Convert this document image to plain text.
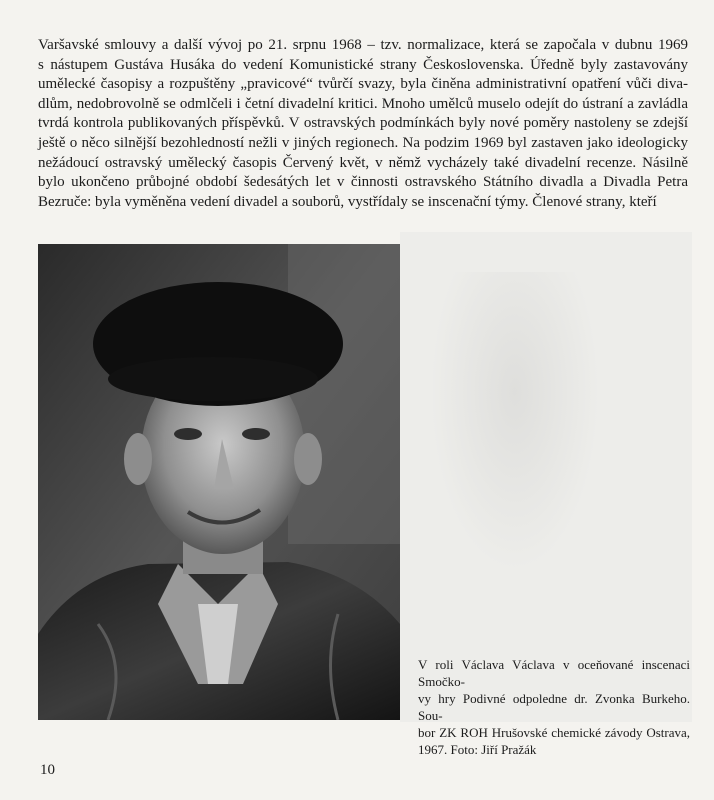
Varšavské smlouvy a další vývoj po 21. srpnu 1968 – tzv. normalizace, která se započala v dubnu 1969
s nástupem Gustáva Husáka do vedení Komunistické strany Československa. Úředně byly zastavovány
umělecké časopisy a rozpuštěny „pravicové“ tvůrčí svazy, byla činěna administrativní opatření vůči diva-
dlům, nedobrovolně se odmlčeli i četní divadelní kritici. Mnoho umělců muselo odejít do ústraní a zavládla
tvrdá kontrola publikovaných příspěvků. V ostravských podmínkách byly nové poměry nastoleny se zdejší
ještě o něco silnější bezohledností nežli v jiných regionech. Na podzim 1969 byl zastaven jako ideologicky
nežádoucí ostravský umělecký časopis Červený květ, v němž vycházely také divadelní recenze. Násilně
bylo ukončeno průbojné období šedesátých let v činnosti ostravského Státního divadla a Divadla Petra
Bezruče: byla vyměněna vedení divadel a souborů, vystřídaly se inscenační týmy. Členové strany, kteří
V roli Václava Václava v oceňované inscenaci Smočko-
vy hry Podivné odpoledne dr. Zvonka Burkeho. Sou-
bor ZK ROH Hrušovské chemické závody Ostrava,
1967. Foto: Jiří Pražák
10
